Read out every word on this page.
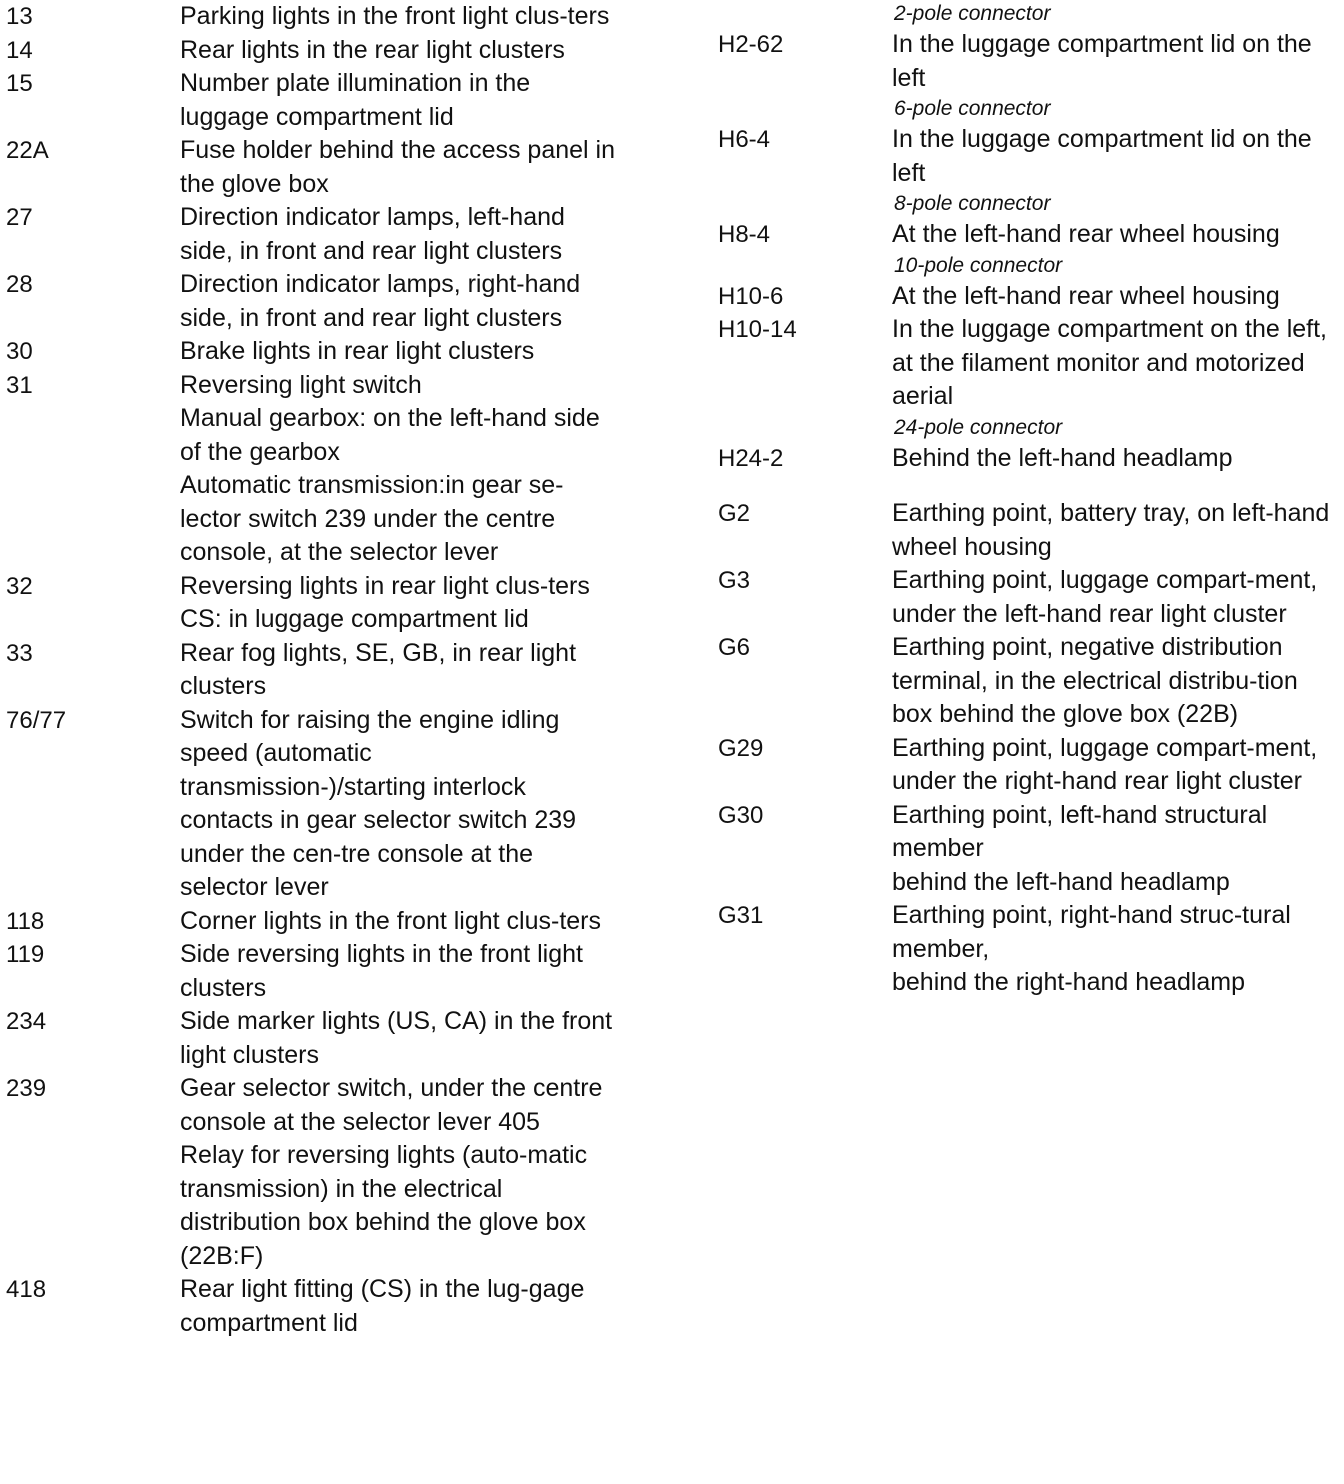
13	Parking lights in the front light clus-ters

14	Rear lights in the rear light clusters

15	Number plate illumination in the luggage compartment lid

22A	Fuse holder behind the access panel in the glove box

27	Direction indicator lamps, left-hand side, in front and rear light clusters

28	Direction indicator lamps, right-hand side, in front and rear light clusters

30	Brake lights in rear light clusters

31	Reversing light switch

Manual gearbox: on the left-hand side of the gearbox

Automatic transmission:in gear se-lector switch 239 under the centre console, at the selector lever

32	Reversing lights in rear light clus-ters

CS: in luggage compartment lid

33	Rear fog lights, SE, GB, in rear light clusters

76/77	Switch for raising the engine idling speed (automatic transmission-)/starting interlock contacts in gear selector switch 239 under the cen-tre console at the selector lever

118	Corner lights in the front light clus-ters

119	Side reversing lights in the front light clusters

234	Side marker lights (US, CA) in the front light clusters

239	Gear selector switch, under the centre console at the selector lever 405

Relay for reversing lights (auto-matic transmission) in the electrical distribution box behind the glove box (22B:F)

418	Rear light fitting (CS) in the lug-gage compartment lid

2-pole connector

H2-62	In the luggage compartment lid on the left

6-pole connector

H6-4	In the luggage compartment lid on the left

8-pole connector

H8-4	At the left-hand rear wheel housing

10-pole connector

H10-6	At the left-hand rear wheel housing

H10-14	In the luggage compartment on the left, at the filament monitor and motorized aerial

24-pole connector

H24-2	Behind the left-hand headlamp

G2	Earthing point, battery tray, on left-hand wheel housing

G3	Earthing point, luggage compart-ment, under the left-hand rear light cluster

G6	Earthing point, negative distribution terminal, in the electrical distribu-tion box behind the glove box (22B)

G29	Earthing point, luggage compart-ment, under the right-hand rear light cluster

G30	Earthing point, left-hand structural member

behind the left-hand headlamp

G31	Earthing point, right-hand struc-tural member,

behind the right-hand headlamp
